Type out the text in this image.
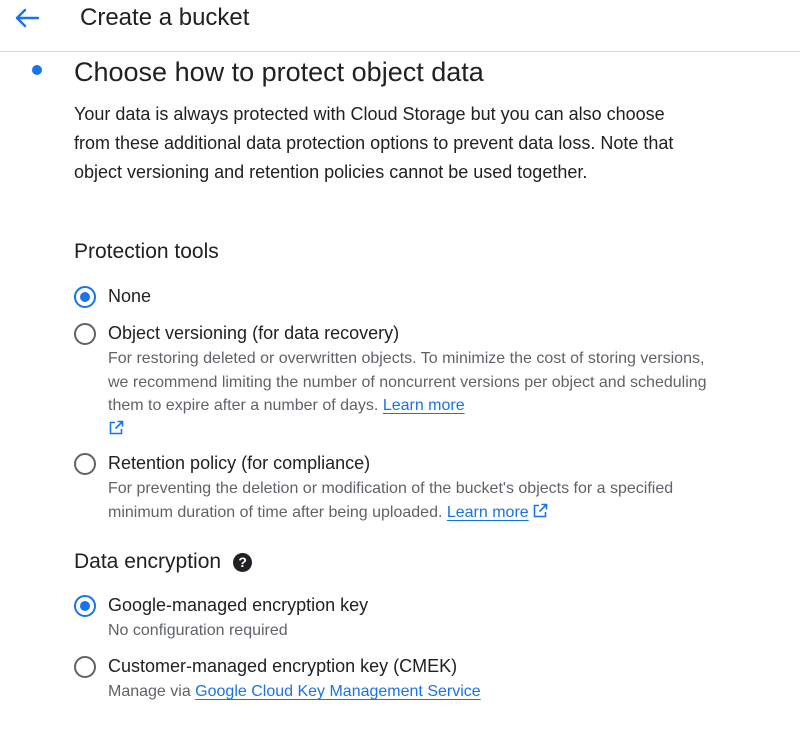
Create a bucket
Choose how to protect object data

Your data is always protected with Cloud Storage but you can also choose from these additional data protection options to prevent data loss. Note that object versioning and retention policies cannot be used together.

Protection tools
None
Object versioning (for data recovery)
For restoring deleted or overwritten objects. To minimize the cost of storing versions, we recommend limiting the number of noncurrent versions per object and scheduling them to expire after a number of days. Learn more

Retention policy (for compliance)
For preventing the deletion or modification of the bucket's objects for a specified minimum duration of time after being uploaded. Learn more
Data encryption	?
Google-managed encryption key
No configuration required
Customer-managed encryption key (CMEK)
Manage via Google Cloud Key Management Service
